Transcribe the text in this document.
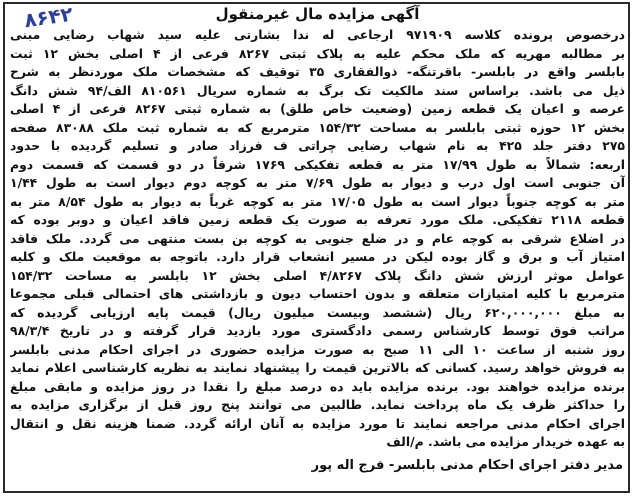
۸۶۴۲	آگهی مزایده مال غیرمنقول
درخصوص پرونده کلاسه ۹۷۱۹۰۹ ارجاعی له ندا بشارتی علیه سید شهاب رضایی مبنی
بر مطالبه مهریه که ملک محکم علیه به پلاک ثبتی ۸۲۶۷ فرعی از ۴ اصلی بخش ۱۲ ثبت
بابلسر واقع در بابلسر- باقرتنگه- ذوالفقاری ۳۵ توقیف که مشخصات ملک موردنظر به شرح
ذیل می باشد. براساس سند مالکیت تک برگ به شماره سریال ۸۱۰۵۶۱ الف/۹۴ شش دانگ
عرصه و اعیان یک قطعه زمین (وضعیت خاص طلق) به شماره ثبتی ۸۲۶۷ فرعی از ۴ اصلی
بخش ۱۲ حوزه ثبتی بابلسر به مساحت ۱۵۴/۳۲ مترمربع که به شماره ثبت ملک ۸۳۰۸۸ صفحه
۲۷۵ دفتر جلد ۴۲۵ به نام شهاب رضایی چراتی ف فرزاد صادر و تسلیم گردیده با حدود
اربعه: شمالاً به طول ۱۷/۹۹ متر به قطعه تفکیکی ۱۷۶۹ شرقاً در دو قسمت که قسمت دوم
آن جنوبی است اول درب و دیوار به طول ۷/۶۹ متر به کوچه دوم دیوار است به طول ۱/۴۴
متر به کوچه جنوباً دیوار است به طول ۱۷/۰۵ متر به کوچه غرباً به دیوار به طول ۸/۵۴ متر به
قطعه ۲۱۱۸ تفکیکی. ملک مورد تعرفه به صورت یک قطعه زمین فاقد اعیان و دوبر بوده که
در اضلاع شرقی به کوچه عام و در ضلع جنوبی به کوچه بن بست منتهی می گردد. ملک فاقد
امتیاز آب و برق و گاز بوده لیکن در مسیر انشعاب قرار دارد. باتوجه به موقعیت ملک و کلیه
عوامل موثر ارزش شش دانگ پلاک ۴/۸۲۶۷ اصلی بخش ۱۲ بابلسر به مساحت ۱۵۴/۳۲
مترمربع با کلیه امتیازات متعلقه و بدون احتساب دیون و بازداشتی های احتمالی قبلی مجموعا
به مبلغ ۶۲۰,۰۰۰,۰۰۰ ریال (ششصد وبیست میلیون ریال) قیمت پایه ارزیابی گردیده که
مراتب فوق توسط کارشناس رسمی دادگستری مورد بازدید قرار گرفته و در تاریخ ۹۸/۳/۴
روز شنبه از ساعت ۱۰ الی ۱۱ صبح به صورت مزایده حضوری در اجرای احکام مدنی بابلسر
به فروش خواهد رسید. کسانی که بالاترین قیمت را پیشنهاد نمایند به نظریه کارشناسی اعلام نماید
برنده مزایده خواهند بود. برنده مزایده باید ده درصد مبلغ را نقدا در روز مزایده و مابقی مبلغ
را حداکثر ظرف یک ماه پرداخت نماید. طالبین می توانند پنج روز قبل از برگزاری مزایده به
اجرای احکام مدنی مراجعه نمایند تا مورد مزایده به آنان ارائه گردد. ضمنا هزینه نقل و انتقال
به عهده خریدار مزایده می باشد. م/الف
مدیر دفتر اجرای احکام مدنی بابلسر- فرج اله پور
